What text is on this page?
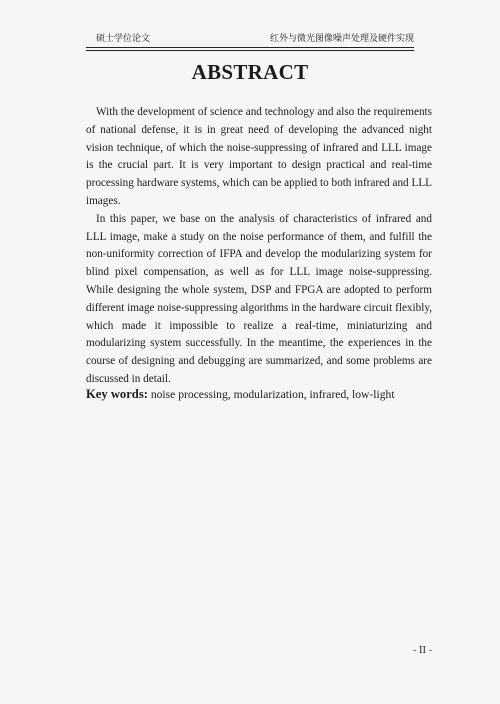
硕士学位论文	红外与微光图像噪声处理及硬件实现
ABSTRACT

With the development of science and technology and also the requirements of national defense, it is in great need of developing the advanced night vision technique, of which the noise-suppressing of infrared and LLL image is the crucial part. It is very important to design practical and real-time processing hardware systems, which can be applied to both infrared and LLL images.

In this paper, we base on the analysis of characteristics of infrared and LLL image, make a study on the noise performance of them, and fulfill the non-uniformity correction of IFPA and develop the modularizing system for blind pixel compensation, as well as for LLL image noise-suppressing. While designing the whole system, DSP and FPGA are adopted to perform different image noise-suppressing algorithms in the hardware circuit flexibly, which made it impossible to realize a real-time, miniaturizing and modularizing system successfully. In the meantime, the experiences in the course of designing and debugging are summarized, and some problems are discussed in detail.

Key words: noise processing, modularization, infrared, low-light
- II -
